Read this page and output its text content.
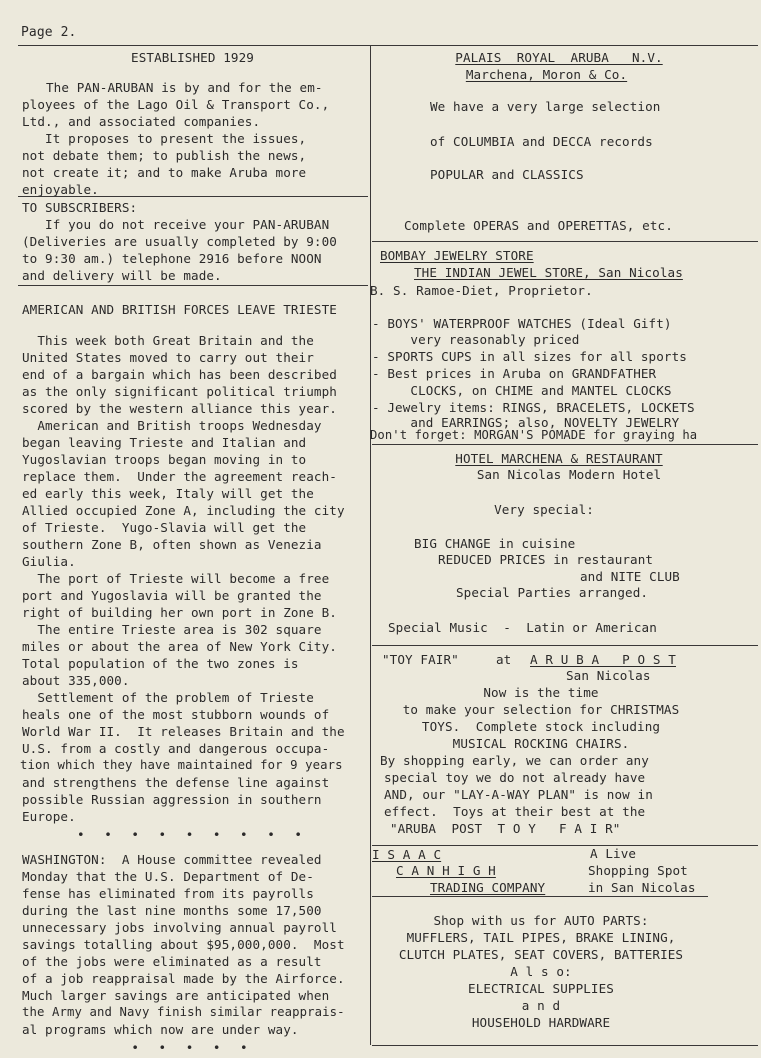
Page 2.
ESTABLISHED 1929
The PAN-ARUBAN is by and for the em-
ployees of the Lago Oil & Transport Co.,
Ltd., and associated companies.
It proposes to present the issues,
not debate them; to publish the news,
not create it; and to make Aruba more
enjoyable.
TO SUBSCRIBERS:
If you do not receive your PAN-ARUBAN
(Deliveries are usually completed by 9:00
to 9:30 am.) telephone 2916 before NOON
and delivery will be made.
AMERICAN AND BRITISH FORCES LEAVE TRIESTE
This week both Great Britain and the
United States moved to carry out their
end of a bargain which has been described
as the only significant political triumph
scored by the western alliance this year.
American and British troops Wednesday
began leaving Trieste and Italian and
Yugoslavian troops began moving in to
replace them.  Under the agreement reach-
ed early this week, Italy will get the
Allied occupied Zone A, including the city
of Trieste.  Yugo-Slavia will get the
southern Zone B, often shown as Venezia
Giulia.
The port of Trieste will become a free
port and Yugoslavia will be granted the
right of building her own port in Zone B.
The entire Trieste area is 302 square
miles or about the area of New York City.
Total population of the two zones is
about 335,000.
Settlement of the problem of Trieste
heals one of the most stubborn wounds of
World War II.  It releases Britain and the
U.S. from a costly and dangerous occupa-
tion which they have maintained for 9 years
and strengthens the defense line against
possible Russian aggression in southern
Europe.
• • • • • • • • •
WASHINGTON:  A House committee revealed
Monday that the U.S. Department of De-
fense has eliminated from its payrolls
during the last nine months some 17,500
unnecessary jobs involving annual payroll
savings totalling about $95,000,000.  Most
of the jobs were eliminated as a result
of a job reappraisal made by the Airforce.
Much larger savings are anticipated when
the Army and Navy finish similar reapprais-
al programs which now are under way.
• • • • •
PALAIS  ROYAL  ARUBA   N.V.
Marchena, Moron & Co.
We have a very large selection
of COLUMBIA and DECCA records
POPULAR and CLASSICS
Complete OPERAS and OPERETTAS, etc.
BOMBAY JEWELRY STORE
THE INDIAN JEWEL STORE, San Nicolas
B. S. Ramoe-Diet, Proprietor.
- BOYS' WATERPROOF WATCHES (Ideal Gift)
very reasonably priced
- SPORTS CUPS in all sizes for all sports
- Best prices in Aruba on GRANDFATHER
CLOCKS, on CHIME and MANTEL CLOCKS
- Jewelry items: RINGS, BRACELETS, LOCKETS
and EARRINGS; also, NOVELTY JEWELRY
Don't forget: MORGAN'S POMADE for graying ha
HOTEL MARCHENA & RESTAURANT
San Nicolas Modern Hotel
Very special:
BIG CHANGE in cuisine
REDUCED PRICES in restaurant
and NITE CLUB
Special Parties arranged.
Special Music  -  Latin or American
"TOY FAIR"	at A R U B A   P O S T
San Nicolas
Now is the time
to make your selection for CHRISTMAS
TOYS.  Complete stock including
MUSICAL ROCKING CHAIRS.
By shopping early, we can order any
special toy we do not already have
AND, our "LAY-A-WAY PLAN" is now in
effect.  Toys at their best at the
"ARUBA  POST  T O Y   F A I R"
I S A A C
C A N H I G H
TRADING COMPANY
A Live
Shopping Spot
in San Nicolas
Shop with us for AUTO PARTS:
MUFFLERS, TAIL PIPES, BRAKE LINING,
CLUTCH PLATES, SEAT COVERS, BATTERIES
A l s o:
ELECTRICAL SUPPLIES
a n d
HOUSEHOLD HARDWARE
